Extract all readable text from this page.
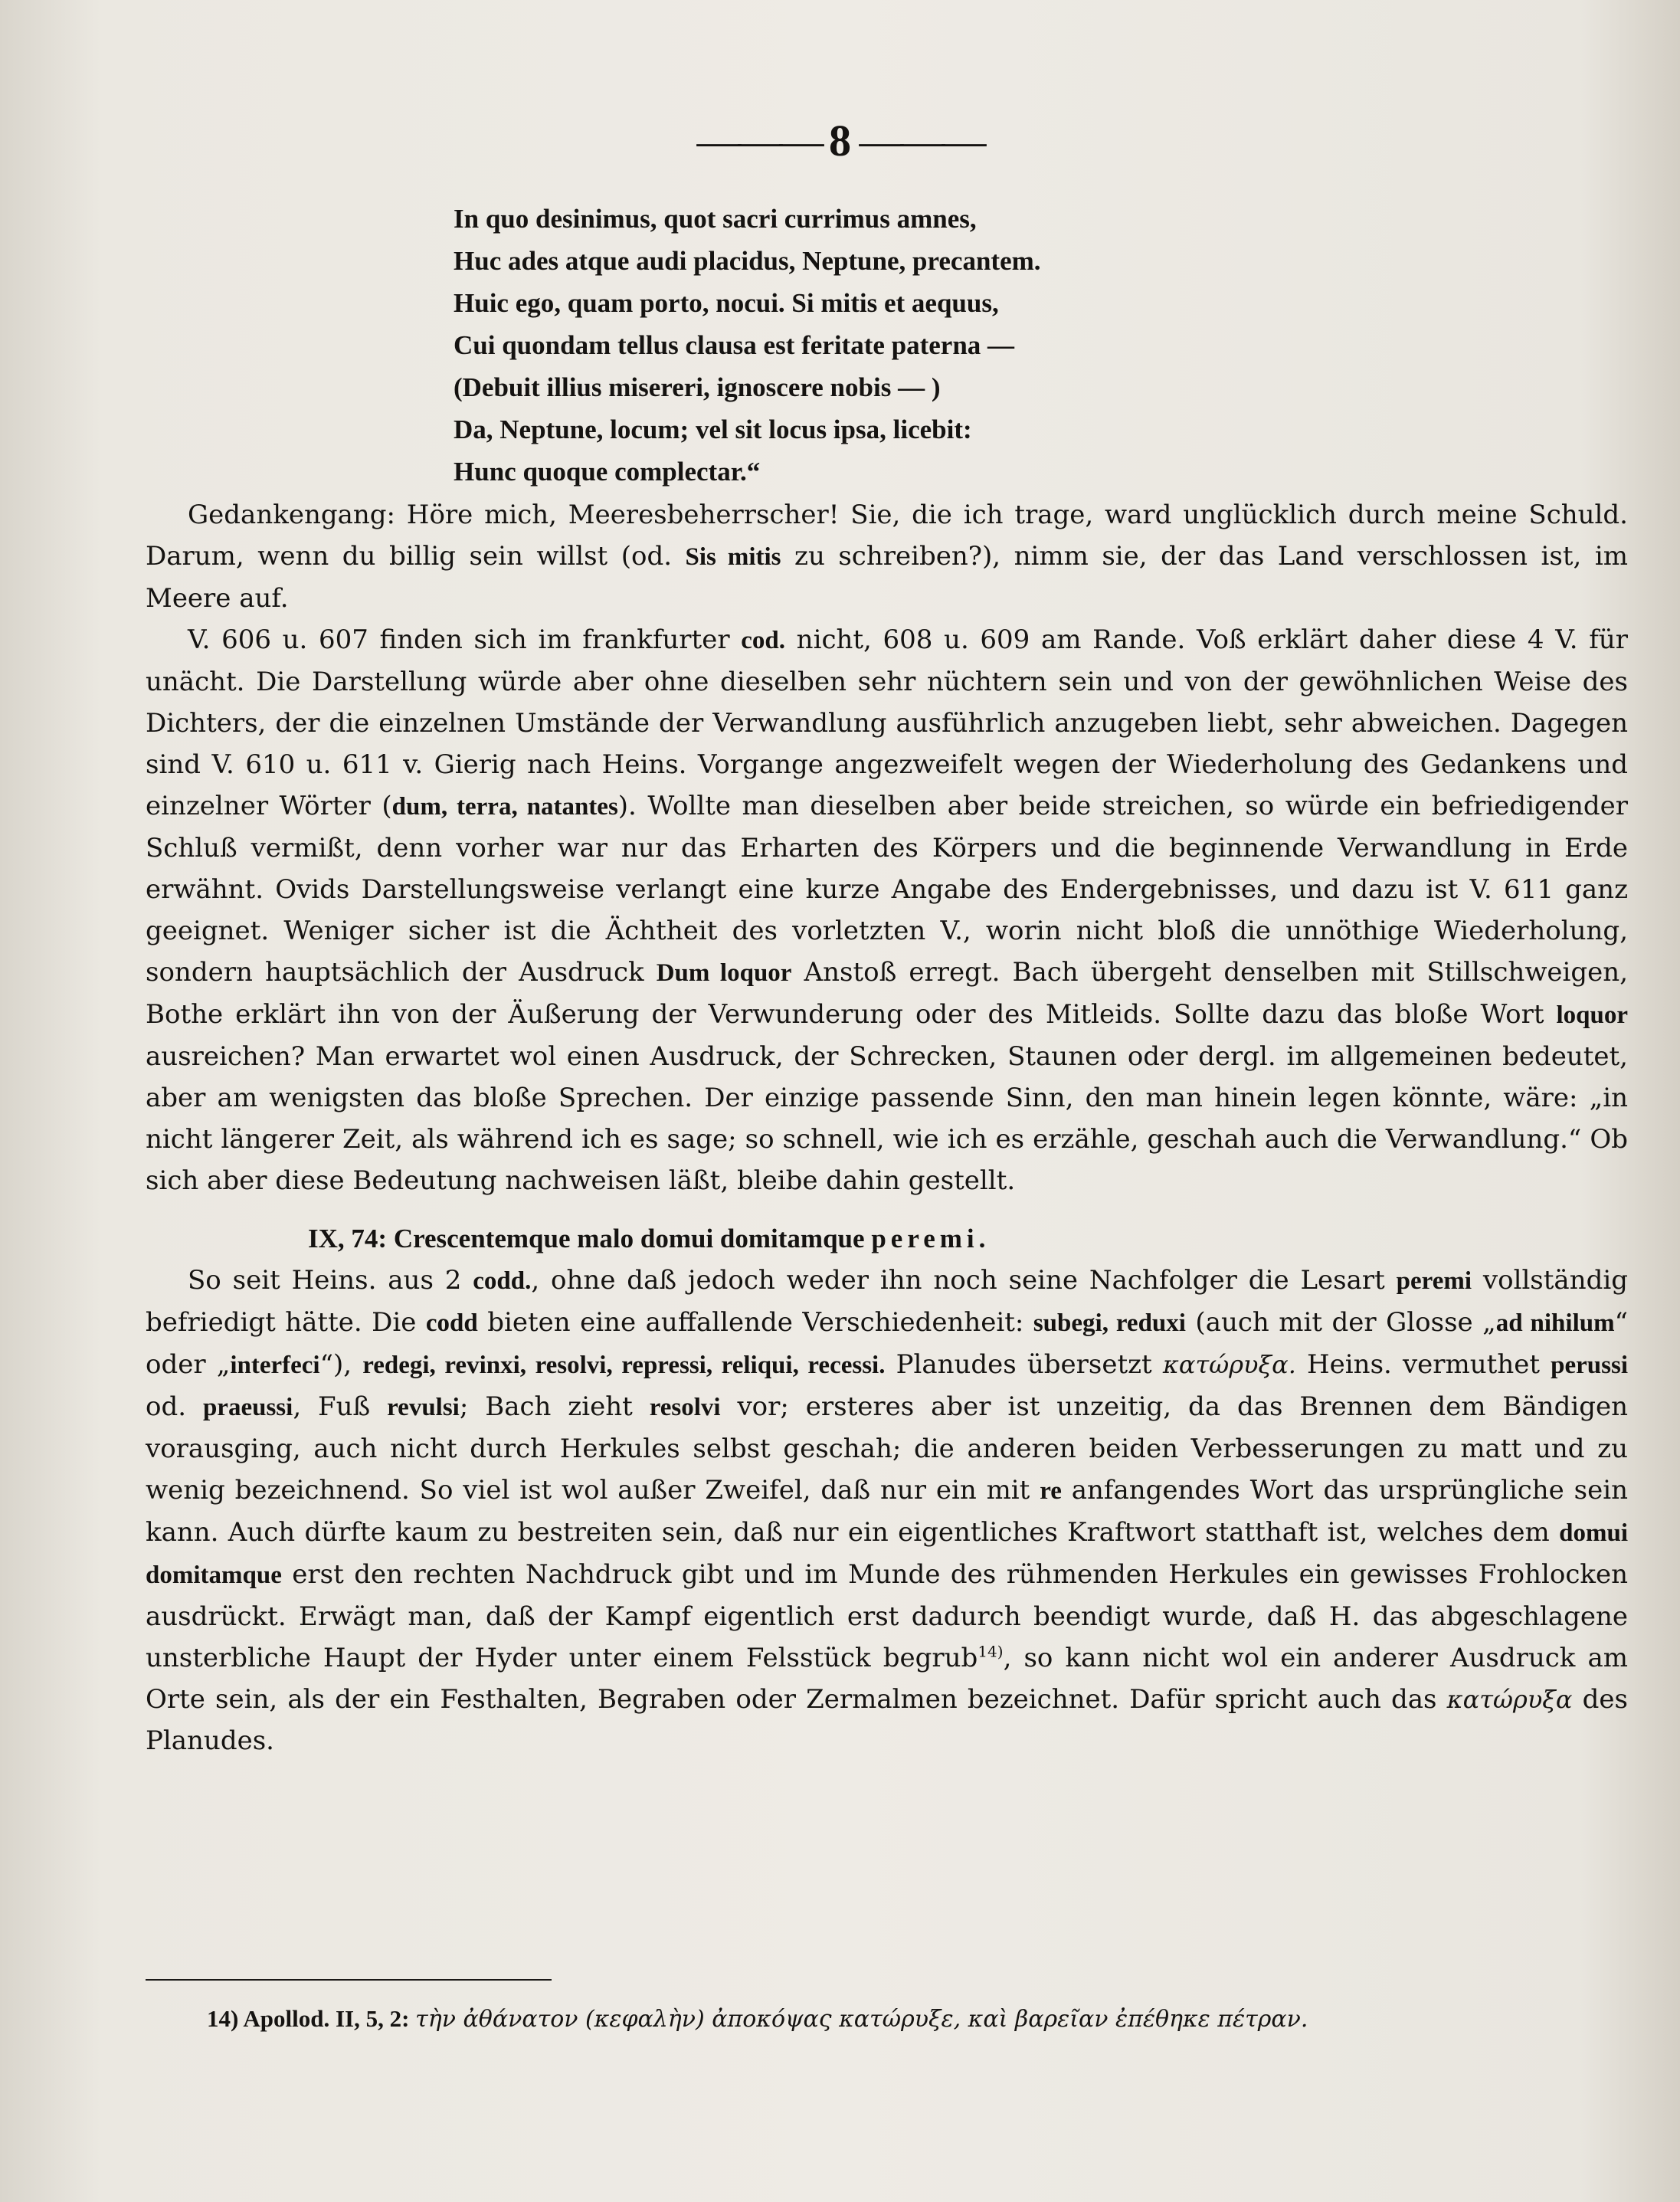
——— 8 ———
In quo desinimus, quot sacri currimus amnes,
Huc ades atque audi placidus, Neptune, precantem.
Huic ego, quam porto, nocui. Si mitis et aequus,
Cui quondam tellus clausa est feritate paterna —
(Debuit illius misereri, ignoscere nobis — )
Da, Neptune, locum; vel sit locus ipsa, licebit:
Hunc quoque complectar.“

Gedankengang: Höre mich, Meeresbeherrscher! Sie, die ich trage, ward unglücklich durch meine Schuld. Darum, wenn du billig sein willst (od. Sis mitis zu schreiben?), nimm sie, der das Land verschlossen ist, im Meere auf.

V. 606 u. 607 finden sich im frankfurter cod. nicht, 608 u. 609 am Rande. Voß erklärt daher diese 4 V. für unächt. Die Darstellung würde aber ohne dieselben sehr nüchtern sein und von der gewöhnlichen Weise des Dichters, der die einzelnen Umstände der Verwandlung ausführlich anzugeben liebt, sehr abweichen. Dagegen sind V. 610 u. 611 v. Gierig nach Heins. Vorgange angezweifelt wegen der Wiederholung des Gedankens und einzelner Wörter (dum, terra, natantes). Wollte man dieselben aber beide streichen, so würde ein befriedigender Schluß vermißt, denn vorher war nur das Erharten des Körpers und die beginnende Verwandlung in Erde erwähnt. Ovids Darstellungsweise verlangt eine kurze Angabe des Endergebnisses, und dazu ist V. 611 ganz geeignet. Weniger sicher ist die Ächtheit des vorletzten V., worin nicht bloß die unnöthige Wiederholung, sondern hauptsächlich der Ausdruck Dum loquor Anstoß erregt. Bach übergeht denselben mit Stillschweigen, Bothe erklärt ihn von der Äußerung der Verwunderung oder des Mitleids. Sollte dazu das bloße Wort loquor ausreichen? Man erwartet wol einen Ausdruck, der Schrecken, Staunen oder dergl. im allgemeinen bedeutet, aber am wenigsten das bloße Sprechen. Der einzige passende Sinn, den man hinein legen könnte, wäre: „in nicht längerer Zeit, als während ich es sage; so schnell, wie ich es erzähle, geschah auch die Verwandlung.“ Ob sich aber diese Bedeutung nachweisen läßt, bleibe dahin gestellt.

IX, 74: Crescentemque malo domui domitamque peremi.

So seit Heins. aus 2 codd., ohne daß jedoch weder ihn noch seine Nachfolger die Lesart peremi vollständig befriedigt hätte. Die codd bieten eine auffallende Verschiedenheit: subegi, reduxi (auch mit der Glosse „ad nihilum“ oder „interfeci“), redegi, revinxi, resolvi, repressi, reliqui, recessi. Planudes übersetzt κατώρυξα. Heins. vermuthet perussi od. praeussi, Fuß revulsi; Bach zieht resolvi vor; ersteres aber ist unzeitig, da das Brennen dem Bändigen vorausging, auch nicht durch Herkules selbst geschah; die anderen beiden Verbesserungen zu matt und zu wenig bezeichnend. So viel ist wol außer Zweifel, daß nur ein mit re anfangendes Wort das ursprüngliche sein kann. Auch dürfte kaum zu bestreiten sein, daß nur ein eigentliches Kraftwort statthaft ist, welches dem domui domitamque erst den rechten Nachdruck gibt und im Munde des rühmenden Herkules ein gewisses Frohlocken ausdrückt. Erwägt man, daß der Kampf eigentlich erst dadurch beendigt wurde, daß H. das abgeschlagene unsterbliche Haupt der Hyder unter einem Felsstück begrub$^{14)}$, so kann nicht wol ein anderer Ausdruck am Orte sein, als der ein Festhalten, Begraben oder Zermalmen bezeichnet. Dafür spricht auch das κατώρυξα des Planudes.

14) Apollod. II, 5, 2: τὴν ἀθάνατον (κεφαλὴν) ἀποκόψας κατώρυξε, καὶ βαρεῖαν ἐπέθηκε πέτραν.
